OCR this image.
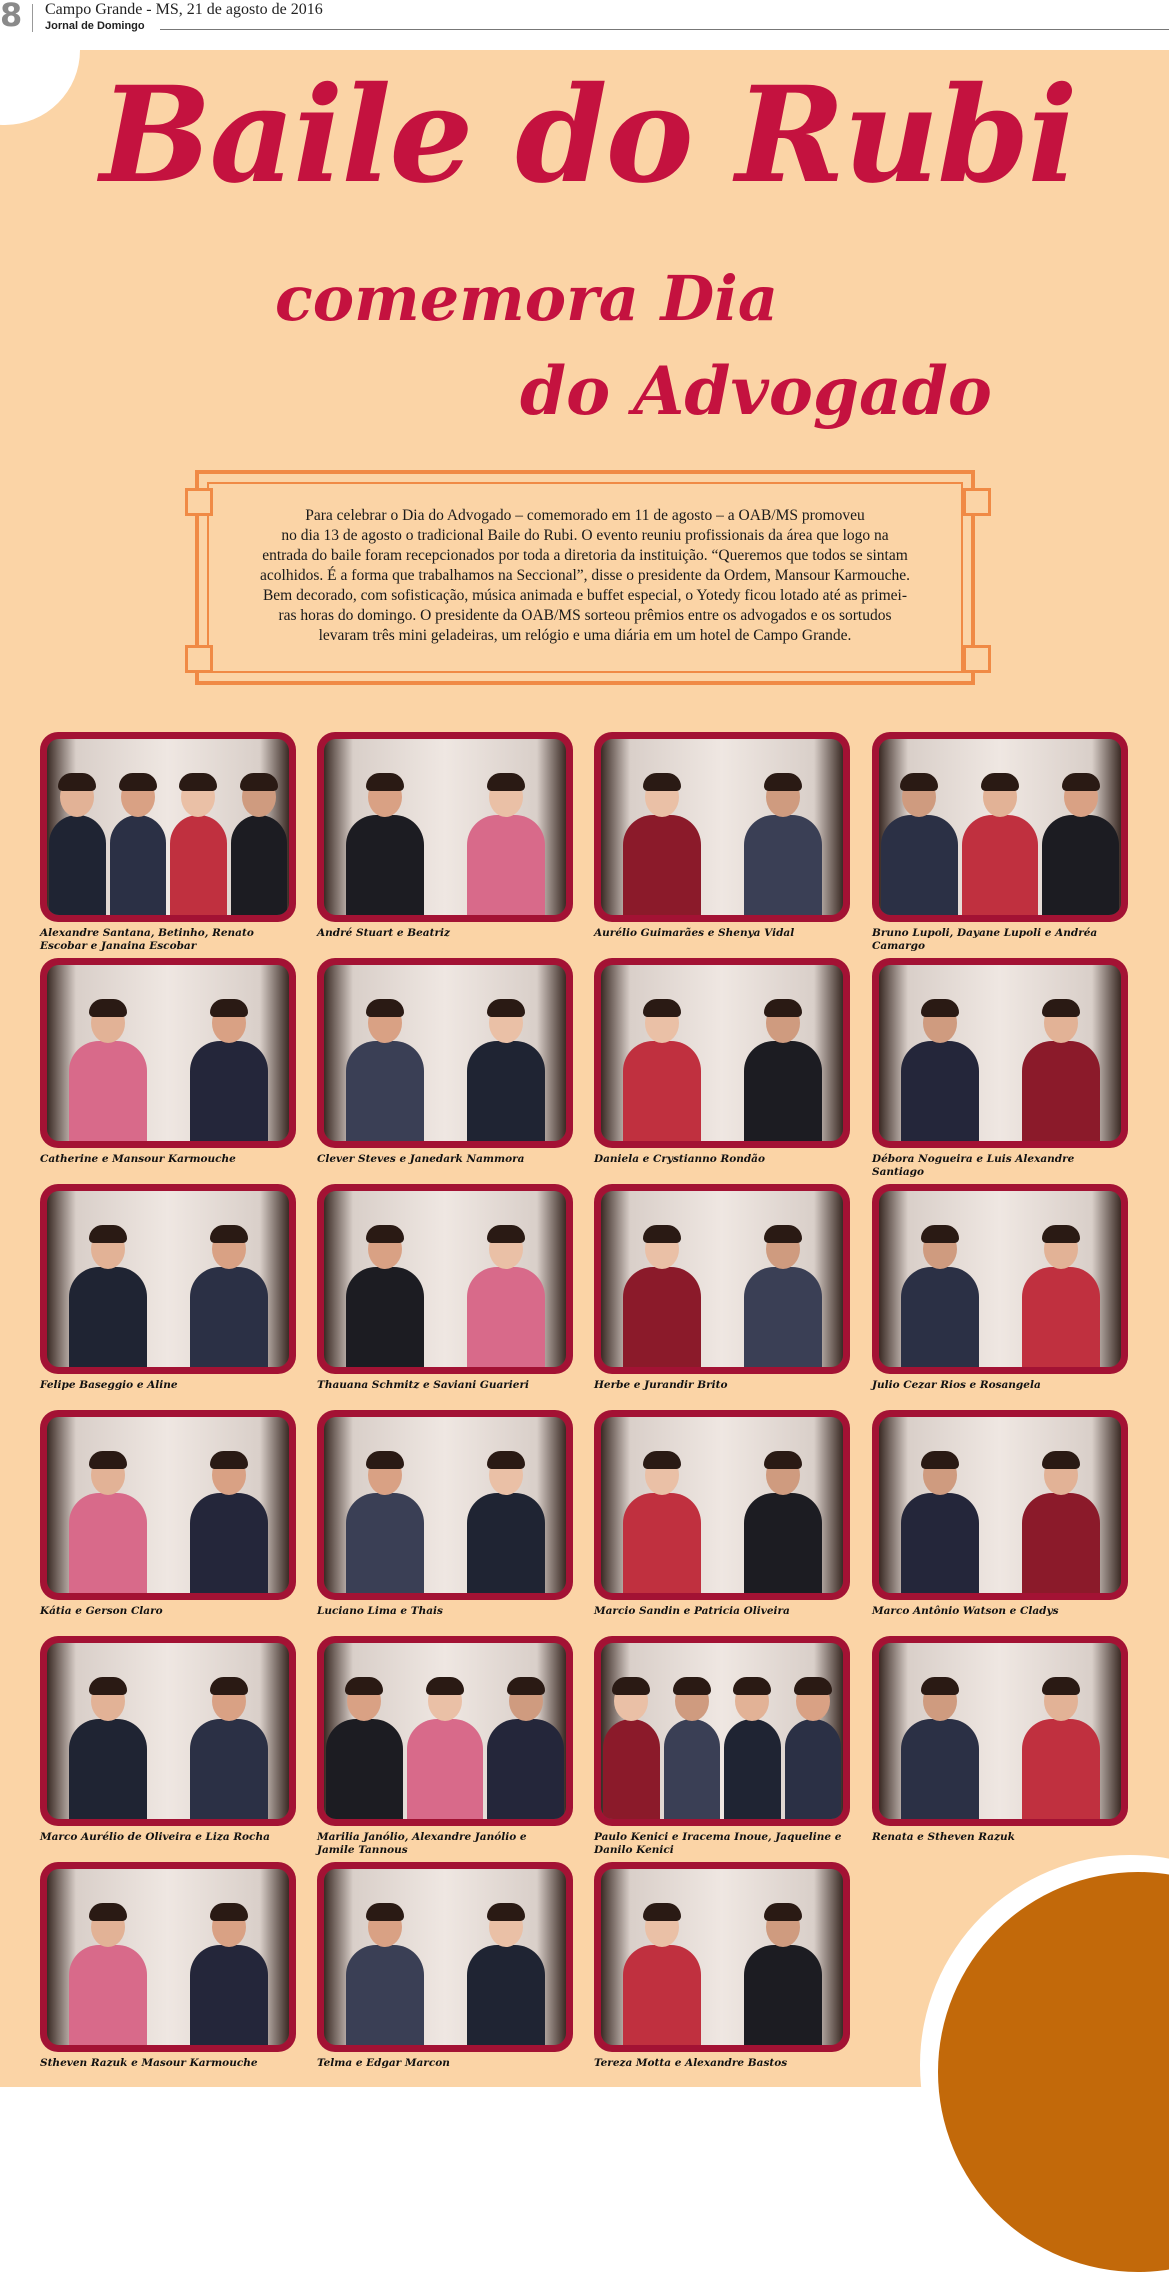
8 Campo Grande - MS, 21 de agosto de 2016
Jornal de Domingo
Baile do Rubi
comemora Dia
do Advogado
Para celebrar o Dia do Advogado – comemorado em 11 de agosto – a OAB/MS promoveu
no dia 13 de agosto o tradicional Baile do Rubi. O evento reuniu profissionais da área que logo na
entrada do baile foram recepcionados por toda a diretoria da instituição. “Queremos que todos se sintam
acolhidos. É a forma que trabalhamos na Seccional”, disse o presidente da Ordem, Mansour Karmouche.
Bem decorado, com sofisticação, música animada e buffet especial, o Yotedy ficou lotado até as primei-
ras horas do domingo. O presidente da OAB/MS sorteou prêmios entre os advogados e os sortudos
levaram três mini geladeiras, um relógio e uma diária em um hotel de Campo Grande.
Alexandre Santana, Betinho, Renato Escobar e Janaina Escobar
André Stuart e Beatriz	Aurélio Guimarães e Shenya Vidal	Bruno Lupoli, Dayane Lupoli e Andréa Camargo
Catherine e Mansour Karmouche	Clever Steves e Janedark Nammora	Daniela e Crystianno Rondão	Débora Nogueira e Luis Alexandre Santiago
Felipe Baseggio e Aline	Thauana Schmitz e Saviani Guarieri	Herbe e Jurandir Brito	Julio Cezar Rios e Rosangela
Kátia e Gerson Claro	Luciano Lima e Thais	Marcio Sandin e Patricia Oliveira	Marco Antônio Watson e Cladys
Marco Aurélio de Oliveira e Liza Rocha	Marilia Janólio, Alexandre Janólio e Jamile Tannous
Paulo Kenici e Iracema Inoue, Jaqueline e Danilo Kenici
Renata e Stheven Razuk
Stheven Razuk e Masour Karmouche	Telma e Edgar Marcon	Tereza Motta e Alexandre Bastos
